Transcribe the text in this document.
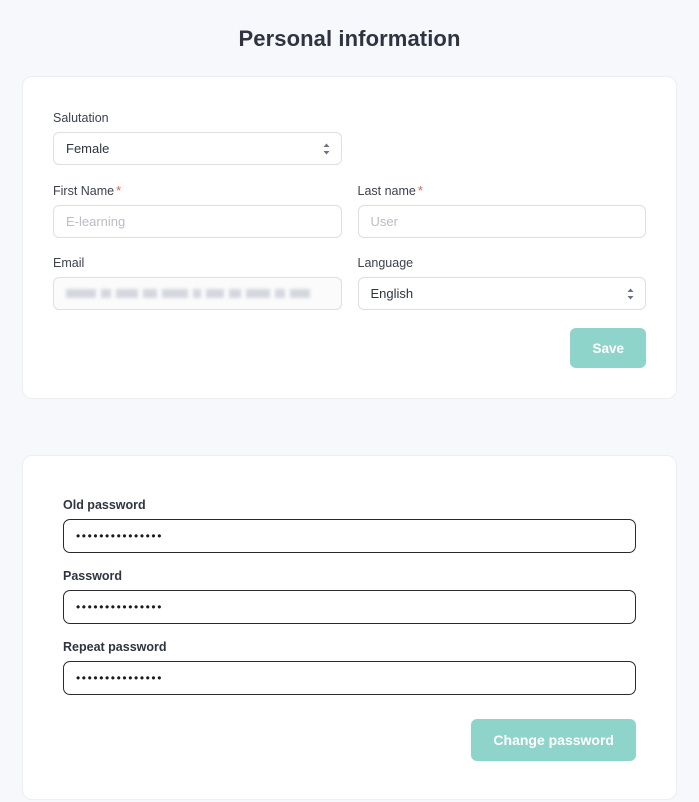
Personal information
Salutation
Female
First Name *
E-learning
Last name *
User
Email	Language
English
Save
Old password
•••••••••••••••
Password
•••••••••••••••
Repeat password
•••••••••••••••
Change password
